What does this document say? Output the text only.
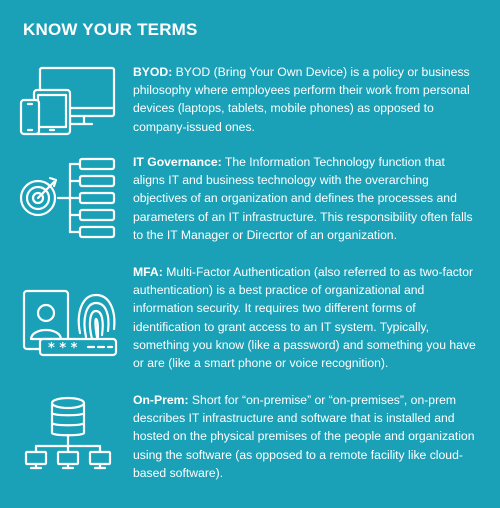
KNOW YOUR TERMS

BYOD: BYOD (Bring Your Own Device) is a policy or business philosophy where employees perform their work from personal devices (laptops, tablets, mobile phones) as opposed to company-issued ones.

IT Governance: The Information Technology function that aligns IT and business technology with the overarching objectives of an organization and defines the processes and parameters of an IT infrastructure. This responsibility often falls to the IT Manager or Direcrtor of an organization.

* * *

MFA: Multi-Factor Authentication (also referred to as two-factor authentication) is a best practice of organizational and information security. It requires two different forms of identification to grant access to an IT system. Typically, something you know (like a password) and something you have or are (like a smart phone or voice recognition).

On-Prem: Short for “on-premise” or “on-premises”, on-prem describes IT infrastructure and software that is installed and hosted on the physical premises of the people and organization using the software (as opposed to a remote facility like cloud-based software).
